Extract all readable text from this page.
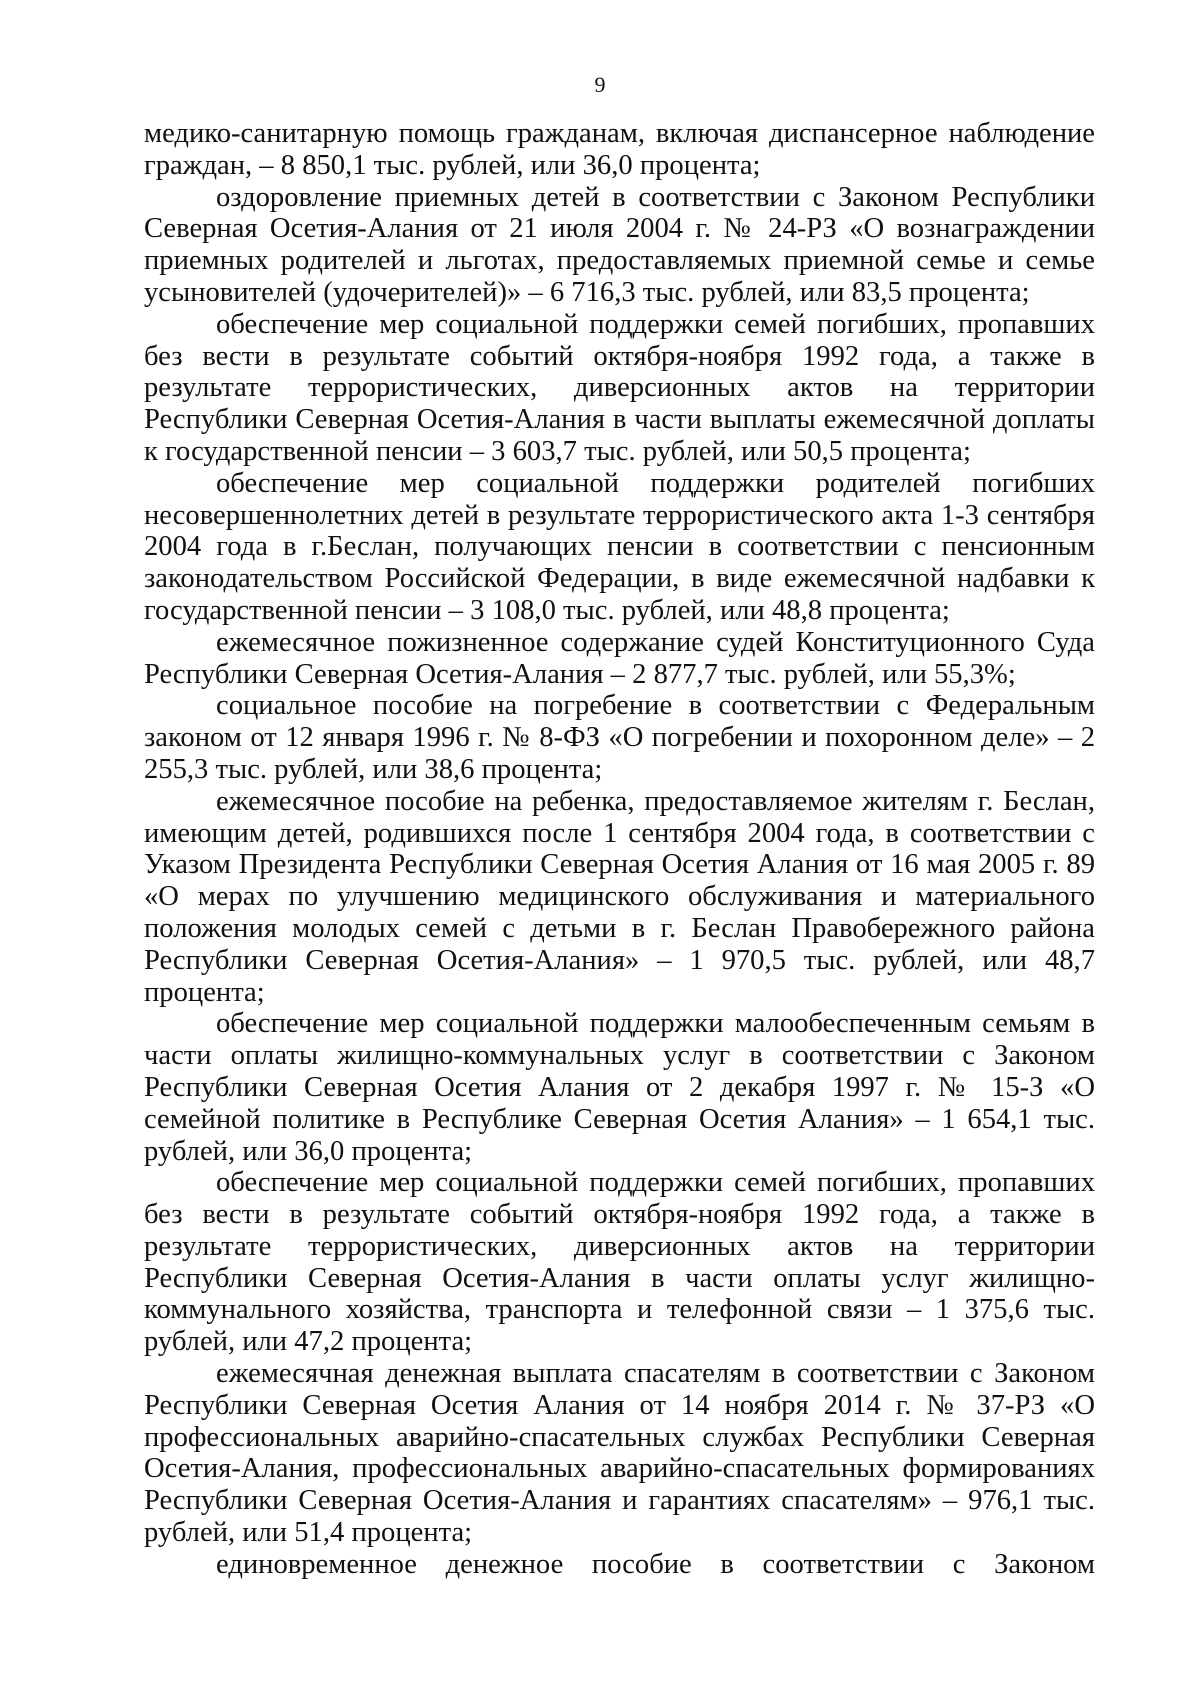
9

медико-санитарную помощь гражданам, включая диспансерное наблюдение граждан, – 8 850,1 тыс. рублей, или 36,0 процента;

оздоровление приемных детей в соответствии с Законом Республики Северная Осетия-Алания от 21 июля 2004 г. № 24-РЗ «О вознаграждении приемных родителей и льготах, предоставляемых приемной семье и семье усыновителей (удочерителей)» – 6 716,3 тыс. рублей, или 83,5 процента;

обеспечение мер социальной поддержки семей погибших, пропавших без вести в результате событий октября-ноября 1992 года, а также в результате террористических, диверсионных актов на территории Республики Северная Осетия-Алания в части выплаты ежемесячной доплаты к государственной пенсии – 3 603,7 тыс. рублей, или 50,5 процента;

обеспечение мер социальной поддержки родителей погибших несовершеннолетних детей в результате террористического акта 1-3 сентября 2004 года в г.Беслан, получающих пенсии в соответствии с пенсионным законодательством Российской Федерации, в виде ежемесячной надбавки к государственной пенсии – 3 108,0 тыс. рублей, или 48,8 процента;

ежемесячное пожизненное содержание судей Конституционного Суда Республики Северная Осетия-Алания – 2 877,7 тыс. рублей, или 55,3%;

социальное пособие на погребение в соответствии с Федеральным законом от 12 января 1996 г. № 8-ФЗ «О погребении и похоронном деле» – 2 255,3 тыс. рублей, или 38,6 процента;

ежемесячное пособие на ребенка, предоставляемое жителям г. Беслан, имеющим детей, родившихся после 1 сентября 2004 года, в соответствии с Указом Президента Республики Северная Осетия Алания от 16 мая 2005 г. 89 «О мерах по улучшению медицинского обслуживания и материального положения молодых семей с детьми в г. Беслан Правобережного района Республики Северная Осетия-Алания» – 1 970,5 тыс. рублей, или 48,7 процента;

обеспечение мер социальной поддержки малообеспеченным семьям в части оплаты жилищно-коммунальных услуг в соответствии с Законом Республики Северная Осетия Алания от 2 декабря 1997 г. № 15-З «О семейной политике в Республике Северная Осетия Алания» – 1 654,1 тыс. рублей, или 36,0 процента;

обеспечение мер социальной поддержки семей погибших, пропавших без вести в результате событий октября-ноября 1992 года, а также в результате террористических, диверсионных актов на территории Республики Северная Осетия-Алания в части оплаты услуг жилищно-коммунального хозяйства, транспорта и телефонной связи – 1 375,6 тыс. рублей, или 47,2 процента;

ежемесячная денежная выплата спасателям в соответствии с Законом Республики Северная Осетия Алания от 14 ноября 2014 г. № 37-РЗ «О профессиональных аварийно-спасательных службах Республики Северная Осетия-Алания, профессиональных аварийно-спасательных формированиях Республики Северная Осетия-Алания и гарантиях спасателям» – 976,1 тыс. рублей, или 51,4 процента;

единовременное денежное пособие в соответствии с Законом
